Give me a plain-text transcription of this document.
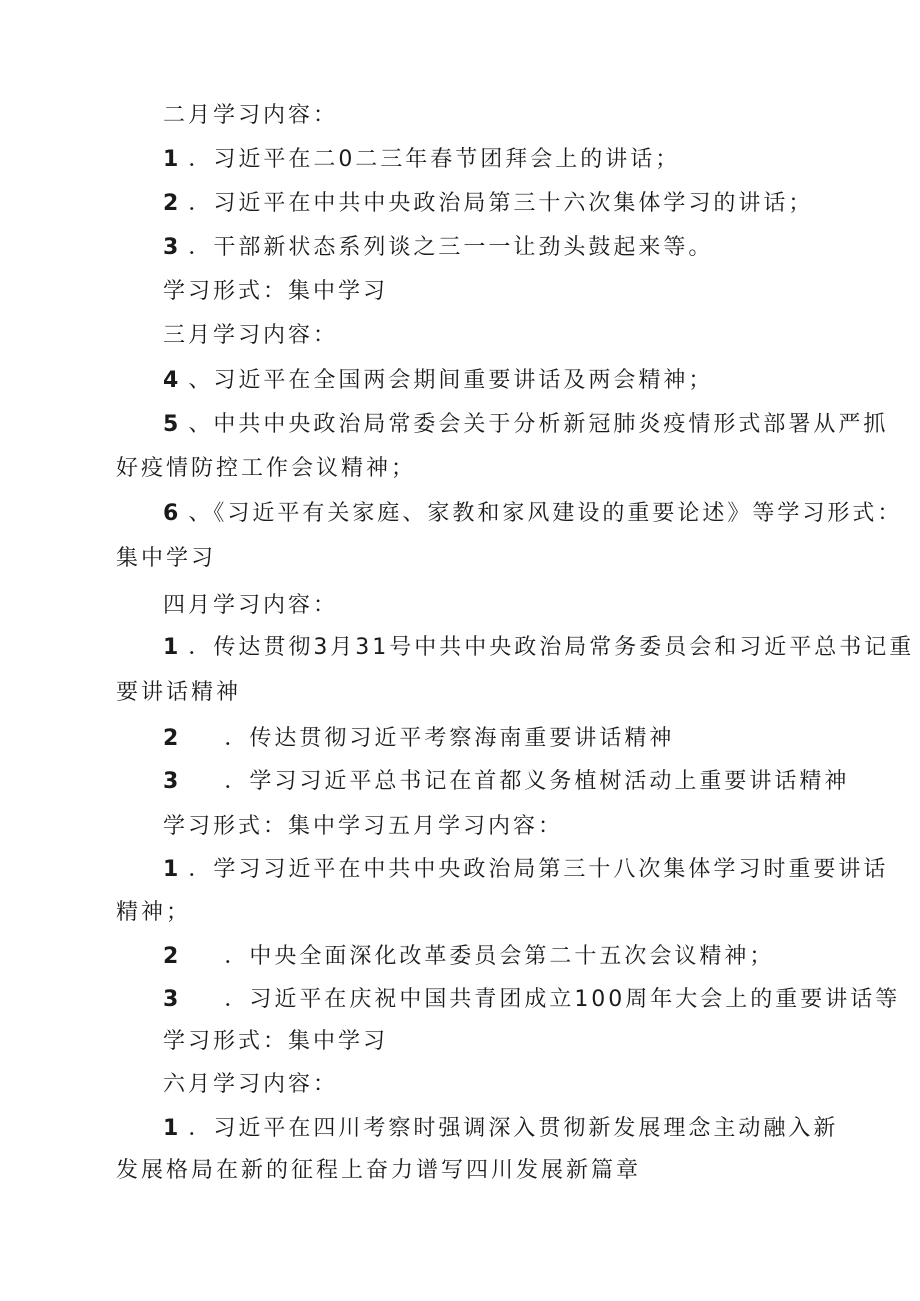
二月学习内容：
1 ．习近平在二0二三年春节团拜会上的讲话；
2 ．习近平在中共中央政治局第三十六次集体学习的讲话；
3 ．干部新状态系列谈之三一一让劲头鼓起来等。
学习形式：集中学习
三月学习内容：
4 、习近平在全国两会期间重要讲话及两会精神；
5 、中共中央政治局常委会关于分析新冠肺炎疫情形式部署从严抓
好疫情防控工作会议精神；
6 、《习近平有关家庭、家教和家风建设的重要论述》等学习形式：
集中学习
四月学习内容：
1 ．传达贯彻3月31号中共中央政治局常务委员会和习近平总书记重
要讲话精神
2 ．传达贯彻习近平考察海南重要讲话精神
3 ．学习习近平总书记在首都义务植树活动上重要讲话精神
学习形式：集中学习五月学习内容：
1 ．学习习近平在中共中央政治局第三十八次集体学习时重要讲话
精神；
2 ．中央全面深化改革委员会第二十五次会议精神；
3 ．习近平在庆祝中国共青团成立100周年大会上的重要讲话等
学习形式：集中学习
六月学习内容：
1 ．习近平在四川考察时强调深入贯彻新发展理念主动融入新
发展格局在新的征程上奋力谱写四川发展新篇章
